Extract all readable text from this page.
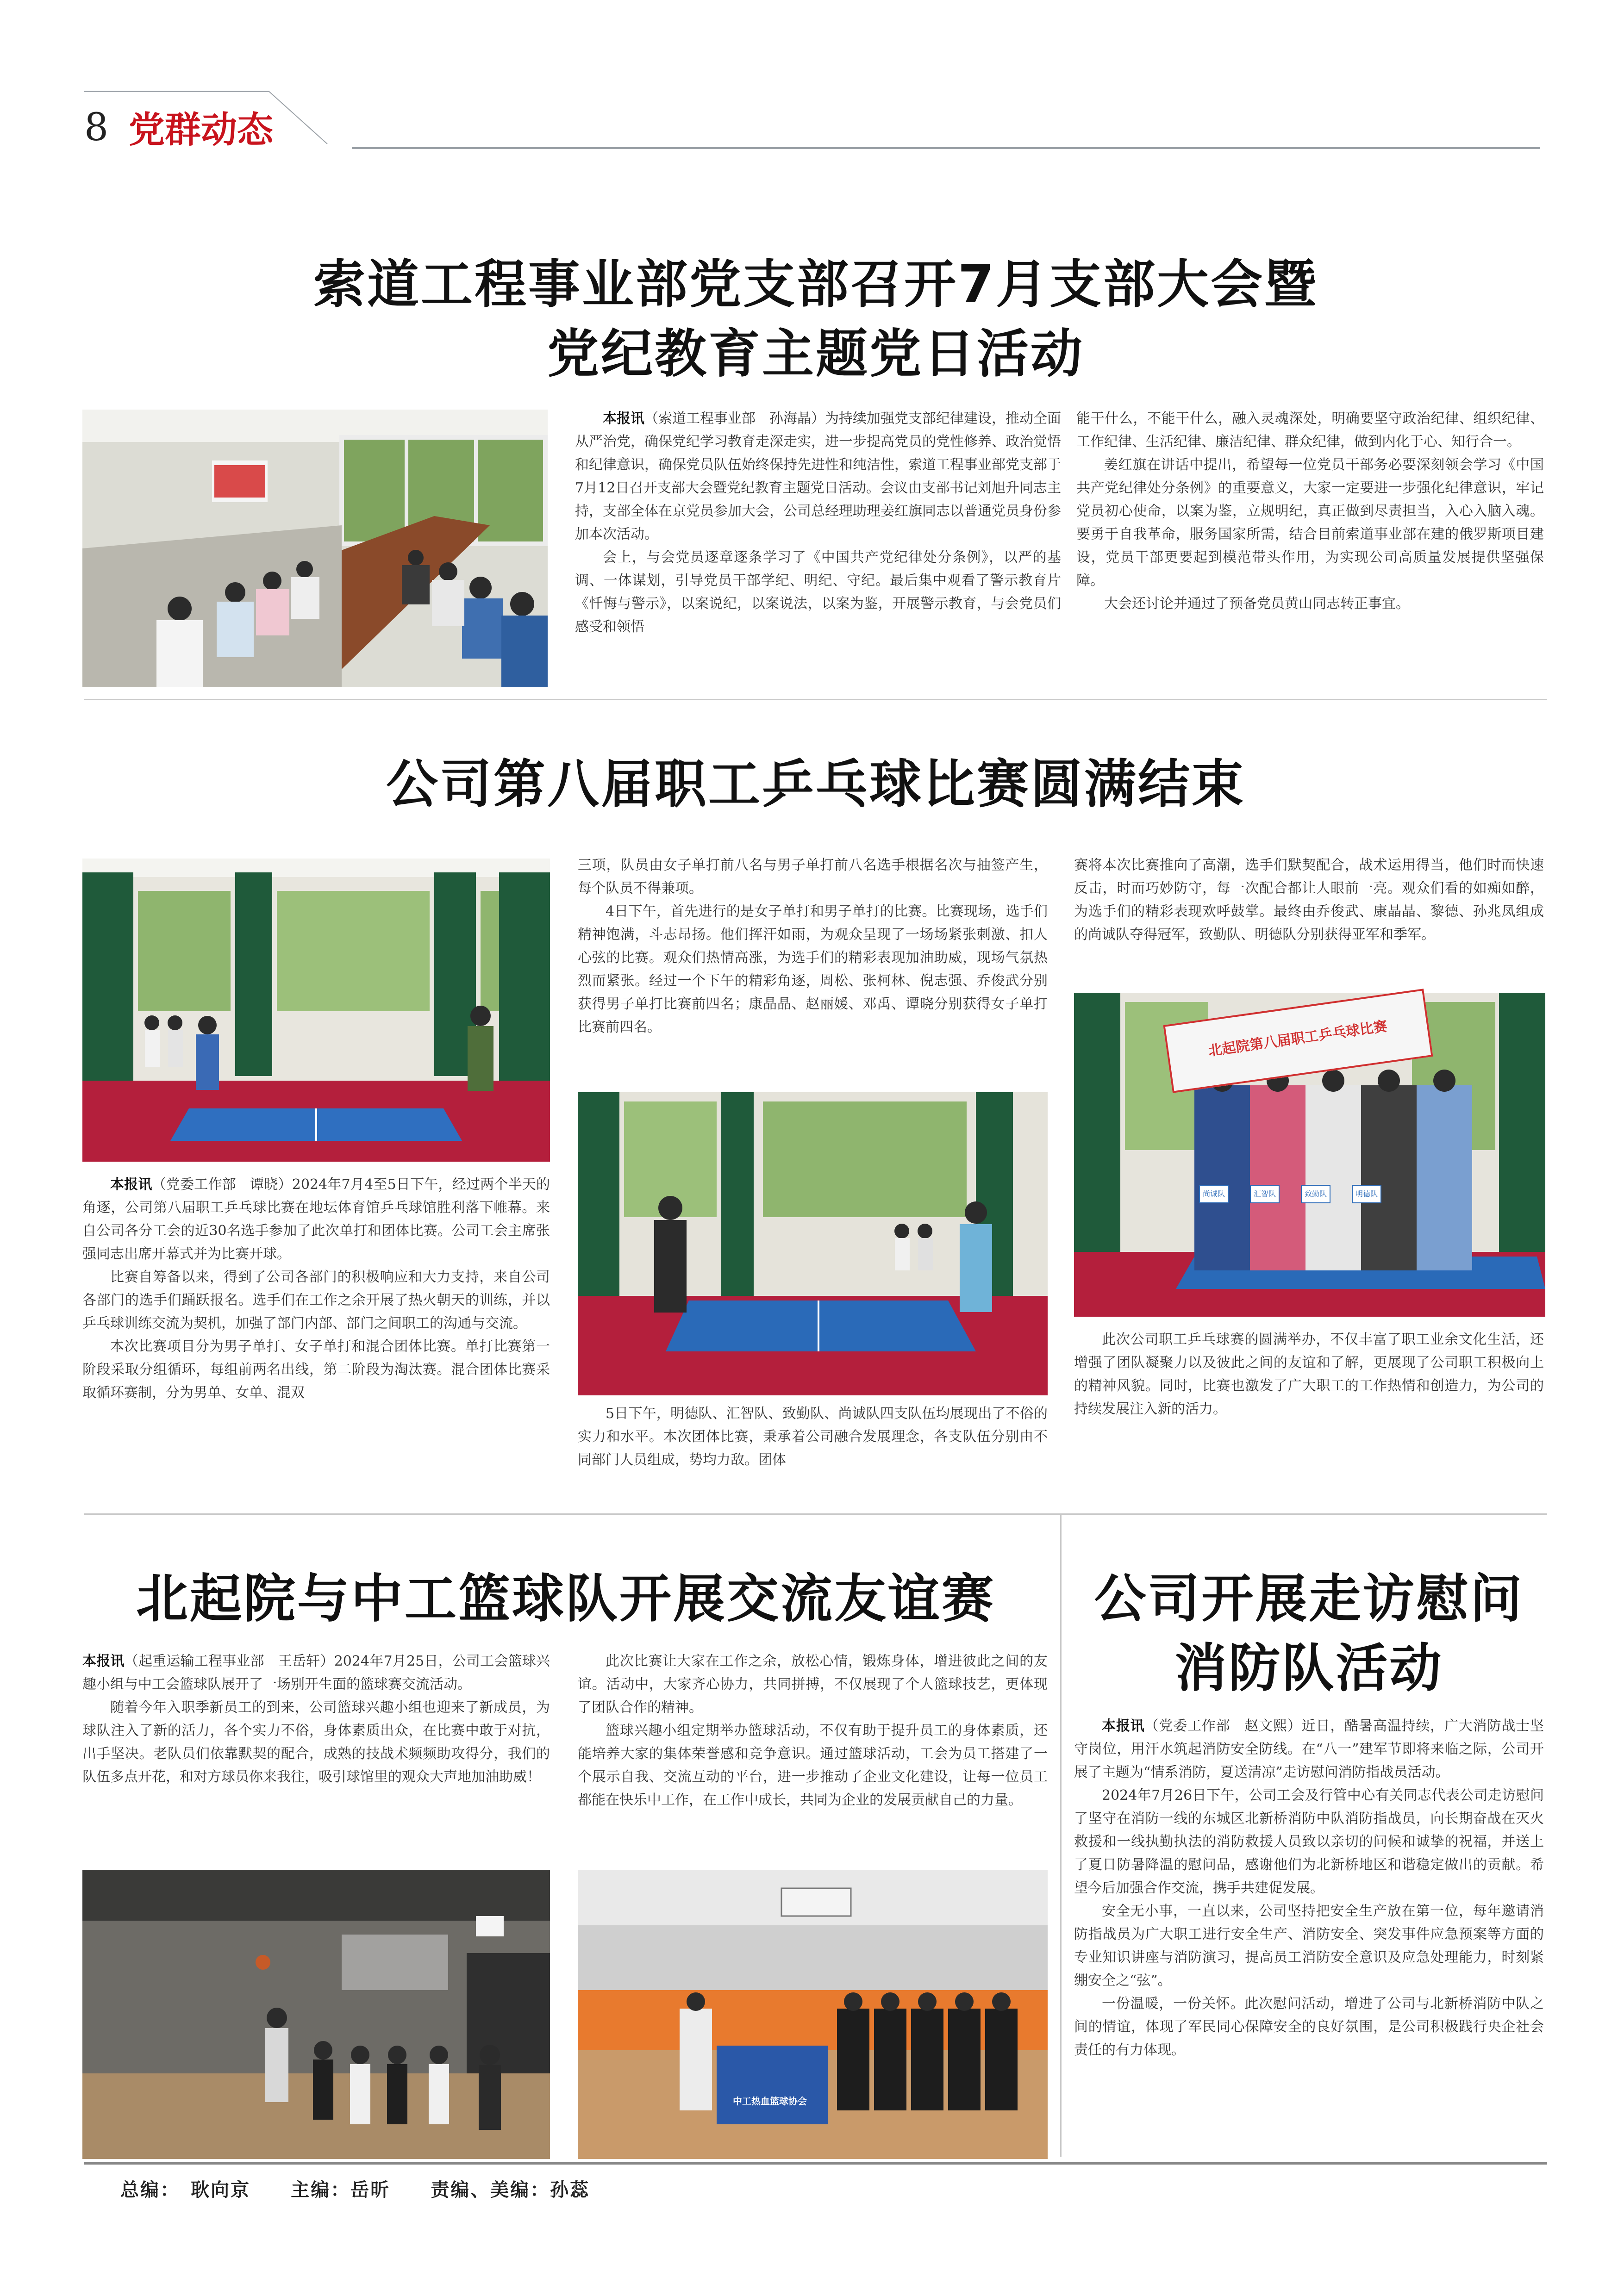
8 党群动态
索道工程事业部党支部召开7月支部大会暨
党纪教育主题党日活动

本报讯（索道工程事业部　孙海晶）为持续加强党支部纪律建设，推动全面从严治党，确保党纪学习教育走深走实，进一步提高党员的党性修养、政治觉悟和纪律意识，确保党员队伍始终保持先进性和纯洁性，索道工程事业部党支部于7月12日召开支部大会暨党纪教育主题党日活动。会议由支部书记刘旭升同志主持，支部全体在京党员参加大会，公司总经理助理姜红旗同志以普通党员身份参加本次活动。

会上，与会党员逐章逐条学习了《中国共产党纪律处分条例》，以严的基调、一体谋划，引导党员干部学纪、明纪、守纪。最后集中观看了警示教育片《忏悔与警示》，以案说纪，以案说法，以案为鉴，开展警示教育，与会党员们感受和领悟

能干什么，不能干什么，融入灵魂深处，明确要坚守政治纪律、组织纪律、工作纪律、生活纪律、廉洁纪律、群众纪律，做到内化于心、知行合一。

姜红旗在讲话中提出，希望每一位党员干部务必要深刻领会学习《中国共产党纪律处分条例》的重要意义，大家一定要进一步强化纪律意识，牢记党员初心使命，以案为鉴，立规明纪，真正做到尽责担当，入心入脑入魂。要勇于自我革命，服务国家所需，结合目前索道事业部在建的俄罗斯项目建设，党员干部更要起到模范带头作用，为实现公司高质量发展提供坚强保障。

大会还讨论并通过了预备党员黄山同志转正事宜。

公司第八届职工乒乓球比赛圆满结束

本报讯（党委工作部　谭晓）2024年7月4至5日下午，经过两个半天的角逐，公司第八届职工乒乓球比赛在地坛体育馆乒乓球馆胜利落下帷幕。来自公司各分工会的近30名选手参加了此次单打和团体比赛。公司工会主席张强同志出席开幕式并为比赛开球。

比赛自筹备以来，得到了公司各部门的积极响应和大力支持，来自公司各部门的选手们踊跃报名。选手们在工作之余开展了热火朝天的训练，并以乒乓球训练交流为契机，加强了部门内部、部门之间职工的沟通与交流。

本次比赛项目分为男子单打、女子单打和混合团体比赛。单打比赛第一阶段采取分组循环，每组前两名出线，第二阶段为淘汰赛。混合团体比赛采取循环赛制，分为男单、女单、混双

三项，队员由女子单打前八名与男子单打前八名选手根据名次与抽签产生，每个队员不得兼项。

4日下午，首先进行的是女子单打和男子单打的比赛。比赛现场，选手们精神饱满，斗志昂扬。他们挥汗如雨，为观众呈现了一场场紧张刺激、扣人心弦的比赛。观众们热情高涨，为选手们的精彩表现加油助威，现场气氛热烈而紧张。经过一个下午的精彩角逐，周松、张柯林、倪志强、乔俊武分别获得男子单打比赛前四名；康晶晶、赵丽媛、邓禹、谭晓分别获得女子单打比赛前四名。

5日下午，明德队、汇智队、致勤队、尚诚队四支队伍均展现出了不俗的实力和水平。本次团体比赛，秉承着公司融合发展理念，各支队伍分别由不同部门人员组成，势均力敌。团体

赛将本次比赛推向了高潮，选手们默契配合，战术运用得当，他们时而快速反击，时而巧妙防守，每一次配合都让人眼前一亮。观众们看的如痴如醉，为选手们的精彩表现欢呼鼓掌。最终由乔俊武、康晶晶、黎德、孙兆凤组成的尚诚队夺得冠军，致勤队、明德队分别获得亚军和季军。

北起院第八届职工乒乓球比赛
尚诚队	汇智队	致勤队	明德队

此次公司职工乒乓球赛的圆满举办，不仅丰富了职工业余文化生活，还增强了团队凝聚力以及彼此之间的友谊和了解，更展现了公司职工积极向上的精神风貌。同时，比赛也激发了广大职工的工作热情和创造力，为公司的持续发展注入新的活力。

北起院与中工篮球队开展交流友谊赛

本报讯（起重运输工程事业部　王岳轩）2024年7月25日，公司工会篮球兴趣小组与中工会篮球队展开了一场别开生面的篮球赛交流活动。

随着今年入职季新员工的到来，公司篮球兴趣小组也迎来了新成员，为球队注入了新的活力，各个实力不俗，身体素质出众，在比赛中敢于对抗，出手坚决。老队员们依靠默契的配合，成熟的技战术频频助攻得分，我们的队伍多点开花，和对方球员你来我往，吸引球馆里的观众大声地加油助威！

此次比赛让大家在工作之余，放松心情，锻炼身体，增进彼此之间的友谊。活动中，大家齐心协力，共同拼搏，不仅展现了个人篮球技艺，更体现了团队合作的精神。

篮球兴趣小组定期举办篮球活动，不仅有助于提升员工的身体素质，还能培养大家的集体荣誉感和竞争意识。通过篮球活动，工会为员工搭建了一个展示自我、交流互动的平台，进一步推动了企业文化建设，让每一位员工都能在快乐中工作，在工作中成长，共同为企业的发展贡献自己的力量。

中工热血篮球协会
公司开展走访慰问
消防队活动

本报讯（党委工作部　赵文熙）近日，酷暑高温持续，广大消防战士坚守岗位，用汗水筑起消防安全防线。在“八一”建军节即将来临之际，公司开展了主题为“情系消防，夏送清凉”走访慰问消防指战员活动。

2024年7月26日下午，公司工会及行管中心有关同志代表公司走访慰问了坚守在消防一线的东城区北新桥消防中队消防指战员，向长期奋战在灭火救援和一线执勤执法的消防救援人员致以亲切的问候和诚挚的祝福，并送上了夏日防暑降温的慰问品，感谢他们为北新桥地区和谐稳定做出的贡献。希望今后加强合作交流，携手共建促发展。

安全无小事，一直以来，公司坚持把安全生产放在第一位，每年邀请消防指战员为广大职工进行安全生产、消防安全、突发事件应急预案等方面的专业知识讲座与消防演习，提高员工消防安全意识及应急处理能力，时刻紧绷安全之“弦”。

一份温暖，一份关怀。此次慰问活动，增进了公司与北新桥消防中队之间的情谊，体现了军民同心保障安全的良好氛围，是公司积极践行央企社会责任的有力体现。

总编：　耿向京 主编：岳昕 责编、美编：孙蕊
